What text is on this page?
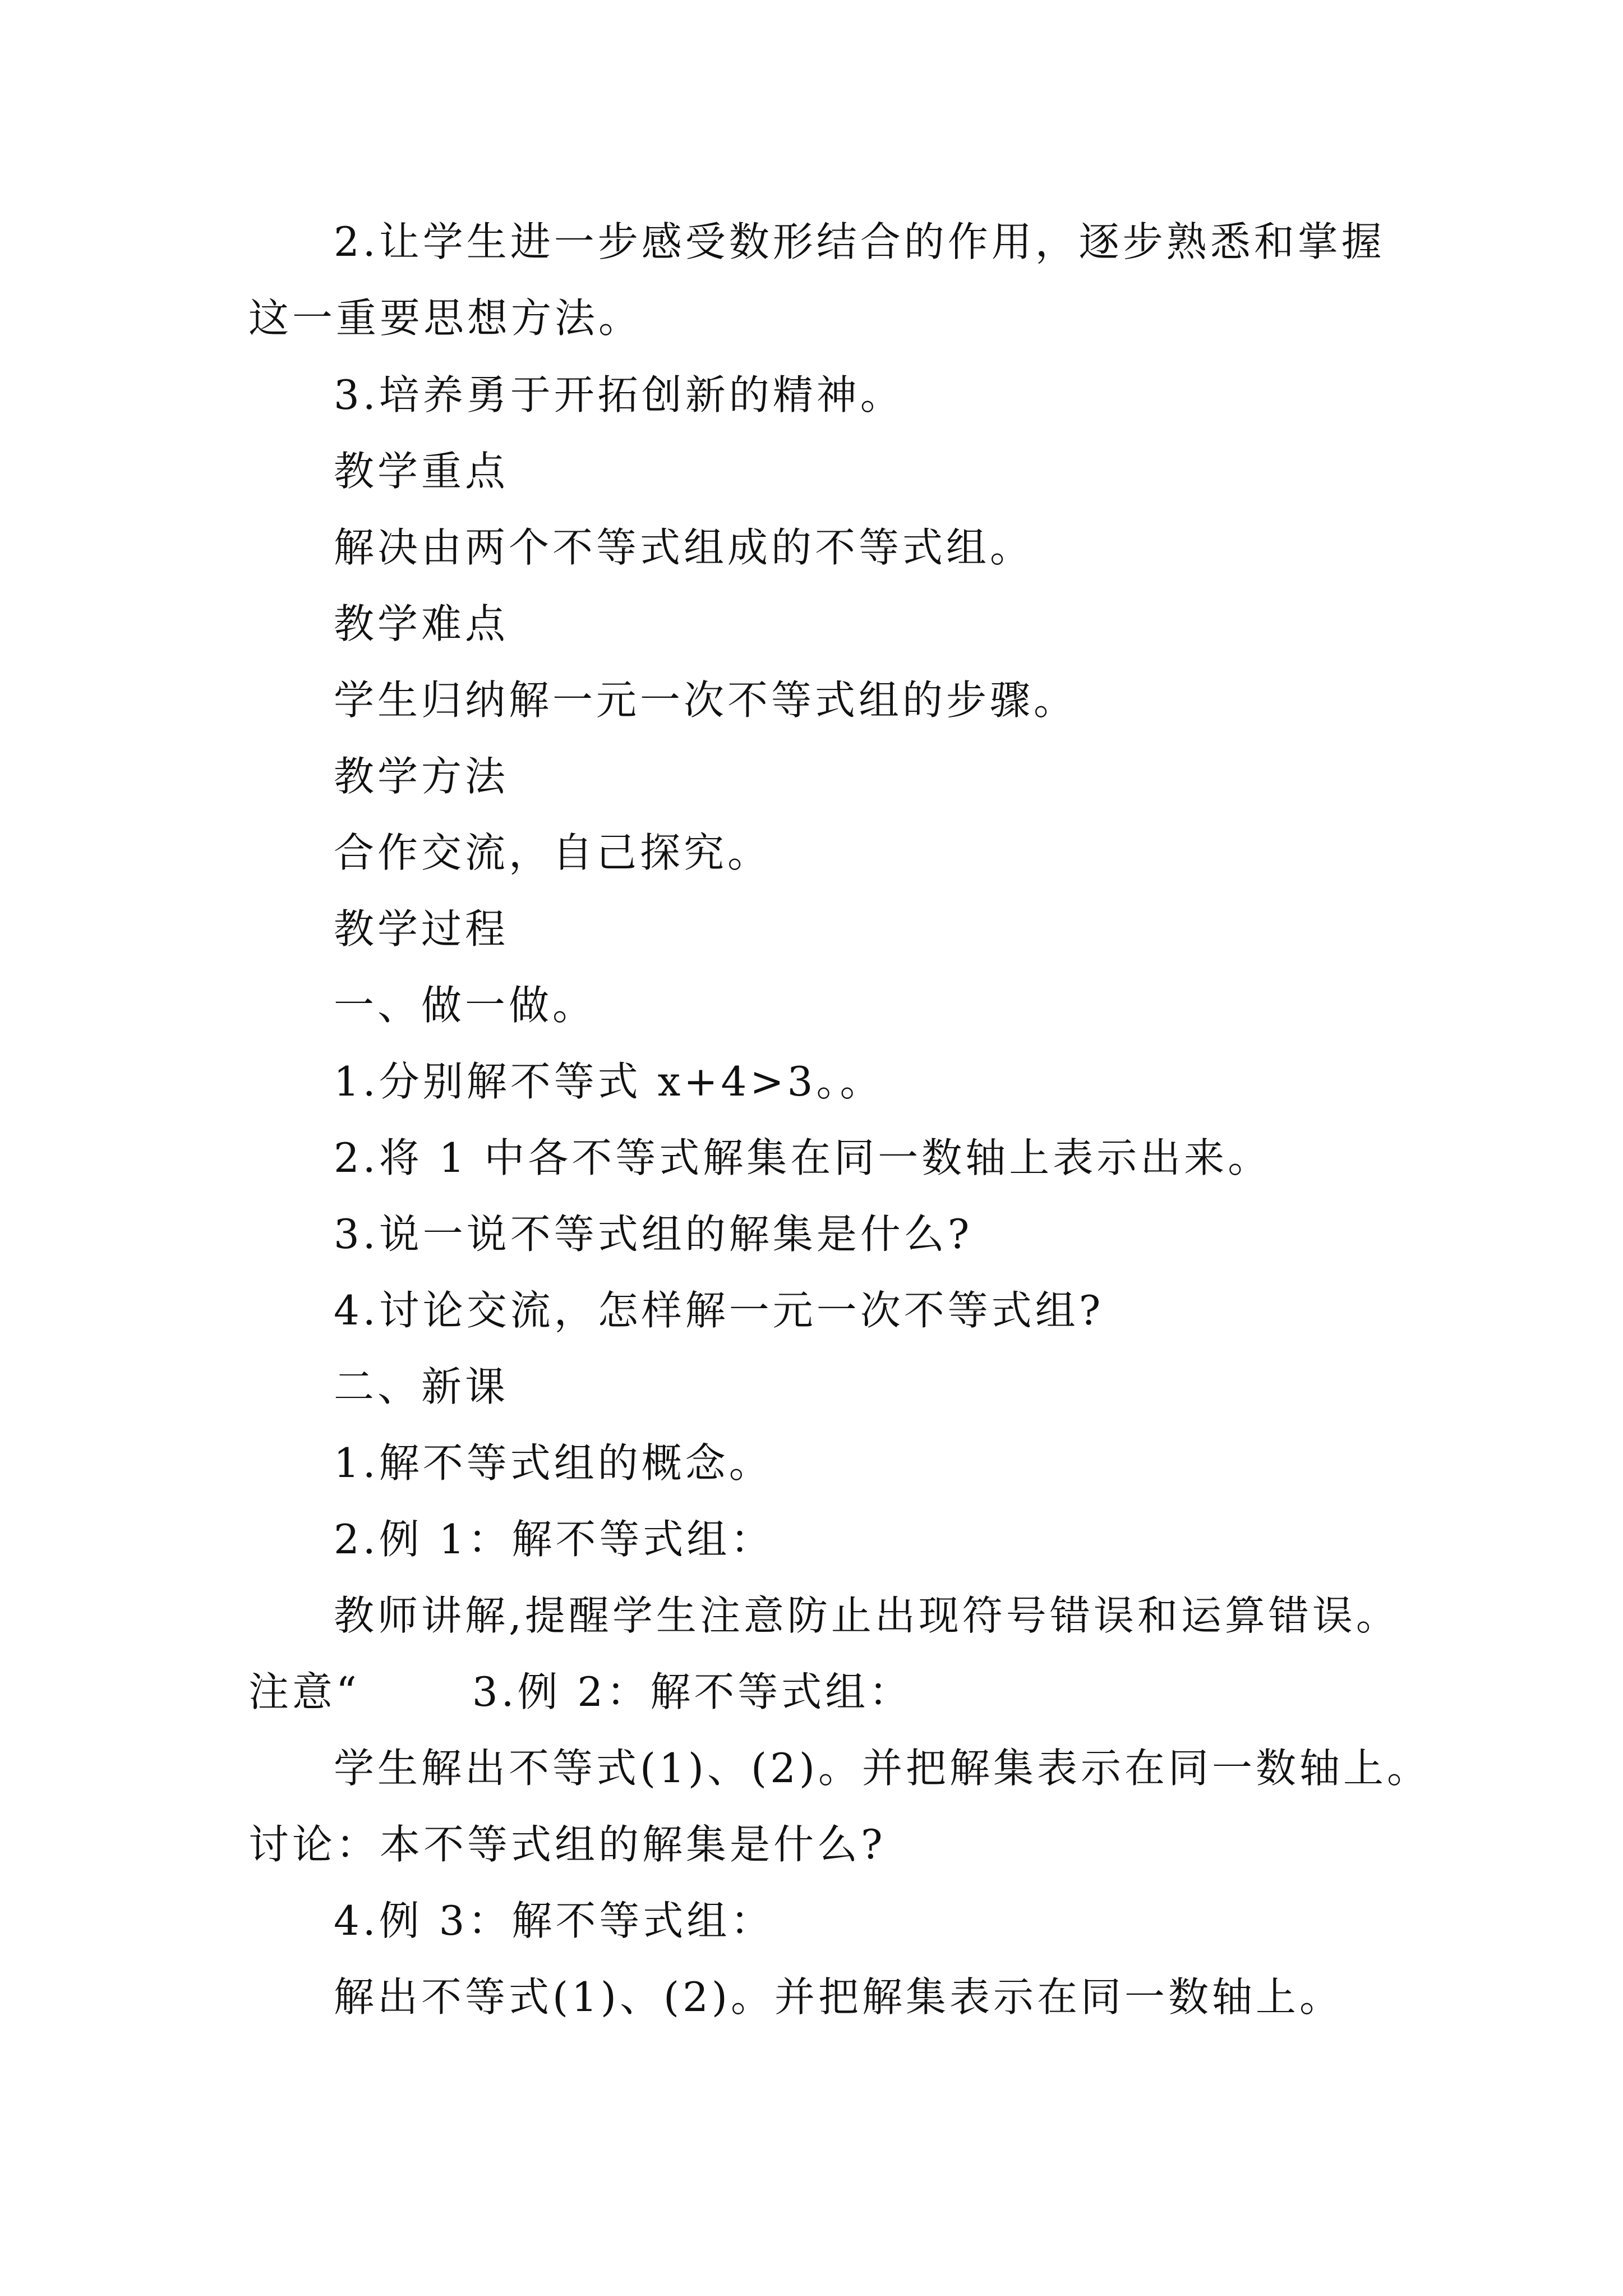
2.让学生进一步感受数形结合的作用，逐步熟悉和掌握
这一重要思想方法。
3.培养勇于开拓创新的精神。
教学重点
解决由两个不等式组成的不等式组。
教学难点
学生归纳解一元一次不等式组的步骤。
教学方法
合作交流，自己探究。
教学过程
一、做一做。
1.分别解不等式 x+4>3。。
2.将 1 中各不等式解集在同一数轴上表示出来。
3.说一说不等式组的解集是什么?
4.讨论交流，怎样解一元一次不等式组?
二、新课
1.解不等式组的概念。
2.例 1：解不等式组：
教师讲解,提醒学生注意防止出现符号错误和运算错误。
注意“	3.例 2：解不等式组：
学生解出不等式(1)、(2)。并把解集表示在同一数轴上。
讨论：本不等式组的解集是什么?
4.例 3：解不等式组：
解出不等式(1)、(2)。并把解集表示在同一数轴上。
